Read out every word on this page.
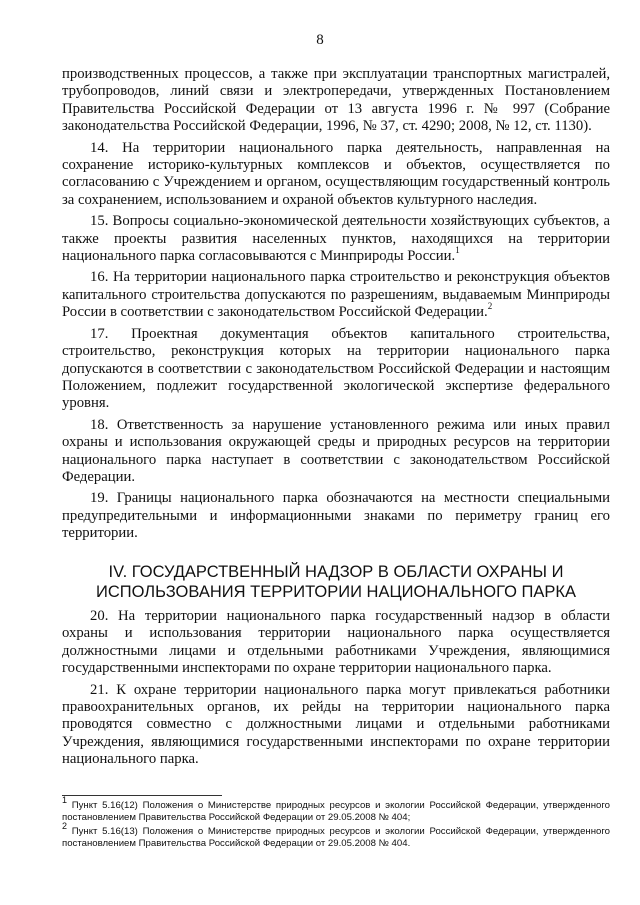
8

производственных процессов, а также при эксплуатации транспортных магистралей, трубопроводов, линий связи и электропередачи, утвержденных Постановлением Правительства Российской Федерации от 13 августа 1996 г. № 997 (Собрание законодательства Российской Федерации, 1996, № 37, ст. 4290; 2008, № 12, ст. 1130).

14. На территории национального парка деятельность, направленная на сохранение историко-культурных комплексов и объектов, осуществляется по согласованию с Учреждением и органом, осуществляющим государственный контроль за сохранением, использованием и охраной объектов культурного наследия.

15. Вопросы социально-экономической деятельности хозяйствующих субъектов, а также проекты развития населенных пунктов, находящихся на территории национального парка согласовываются с Минприроды России.$^1$

16. На территории национального парка строительство и реконструкция объектов капитального строительства допускаются по разрешениям, выдаваемым Минприроды России в соответствии с законодательством Российской Федерации.$^2$

17. Проектная документация объектов капитального строительства, строительство, реконструкция которых на территории национального парка допускаются в соответствии с законодательством Российской Федерации и настоящим Положением, подлежит государственной экологической экспертизе федерального уровня.

18. Ответственность за нарушение установленного режима или иных правил охраны и использования окружающей среды и природных ресурсов на территории национального парка наступает в соответствии с законодательством Российской Федерации.

19. Границы национального парка обозначаются на местности специальными предупредительными и информационными знаками по периметру границ его территории.

IV. ГОСУДАРСТВЕННЫЙ НАДЗОР В ОБЛАСТИ ОХРАНЫ И
ИСПОЛЬЗОВАНИЯ ТЕРРИТОРИИ НАЦИОНАЛЬНОГО ПАРКА

20. На территории национального парка государственный надзор в области охраны и использования территории национального парка осуществляется должностными лицами и отдельными работниками Учреждения, являющимися государственными инспекторами по охране территории национального парка.

21. К охране территории национального парка могут привлекаться работники правоохранительных органов, их рейды на территории национального парка проводятся совместно с должностными лицами и отдельными работниками Учреждения, являющимися государственными инспекторами по охране территории национального парка.

$^1$ Пункт 5.16(12) Положения о Министерстве природных ресурсов и экологии Российской Федерации, утвержденного постановлением Правительства Российской Федерации от 29.05.2008 № 404;
$^2$ Пункт 5.16(13) Положения о Министерстве природных ресурсов и экологии Российской Федерации, утвержденного постановлением Правительства Российской Федерации от 29.05.2008 № 404.
